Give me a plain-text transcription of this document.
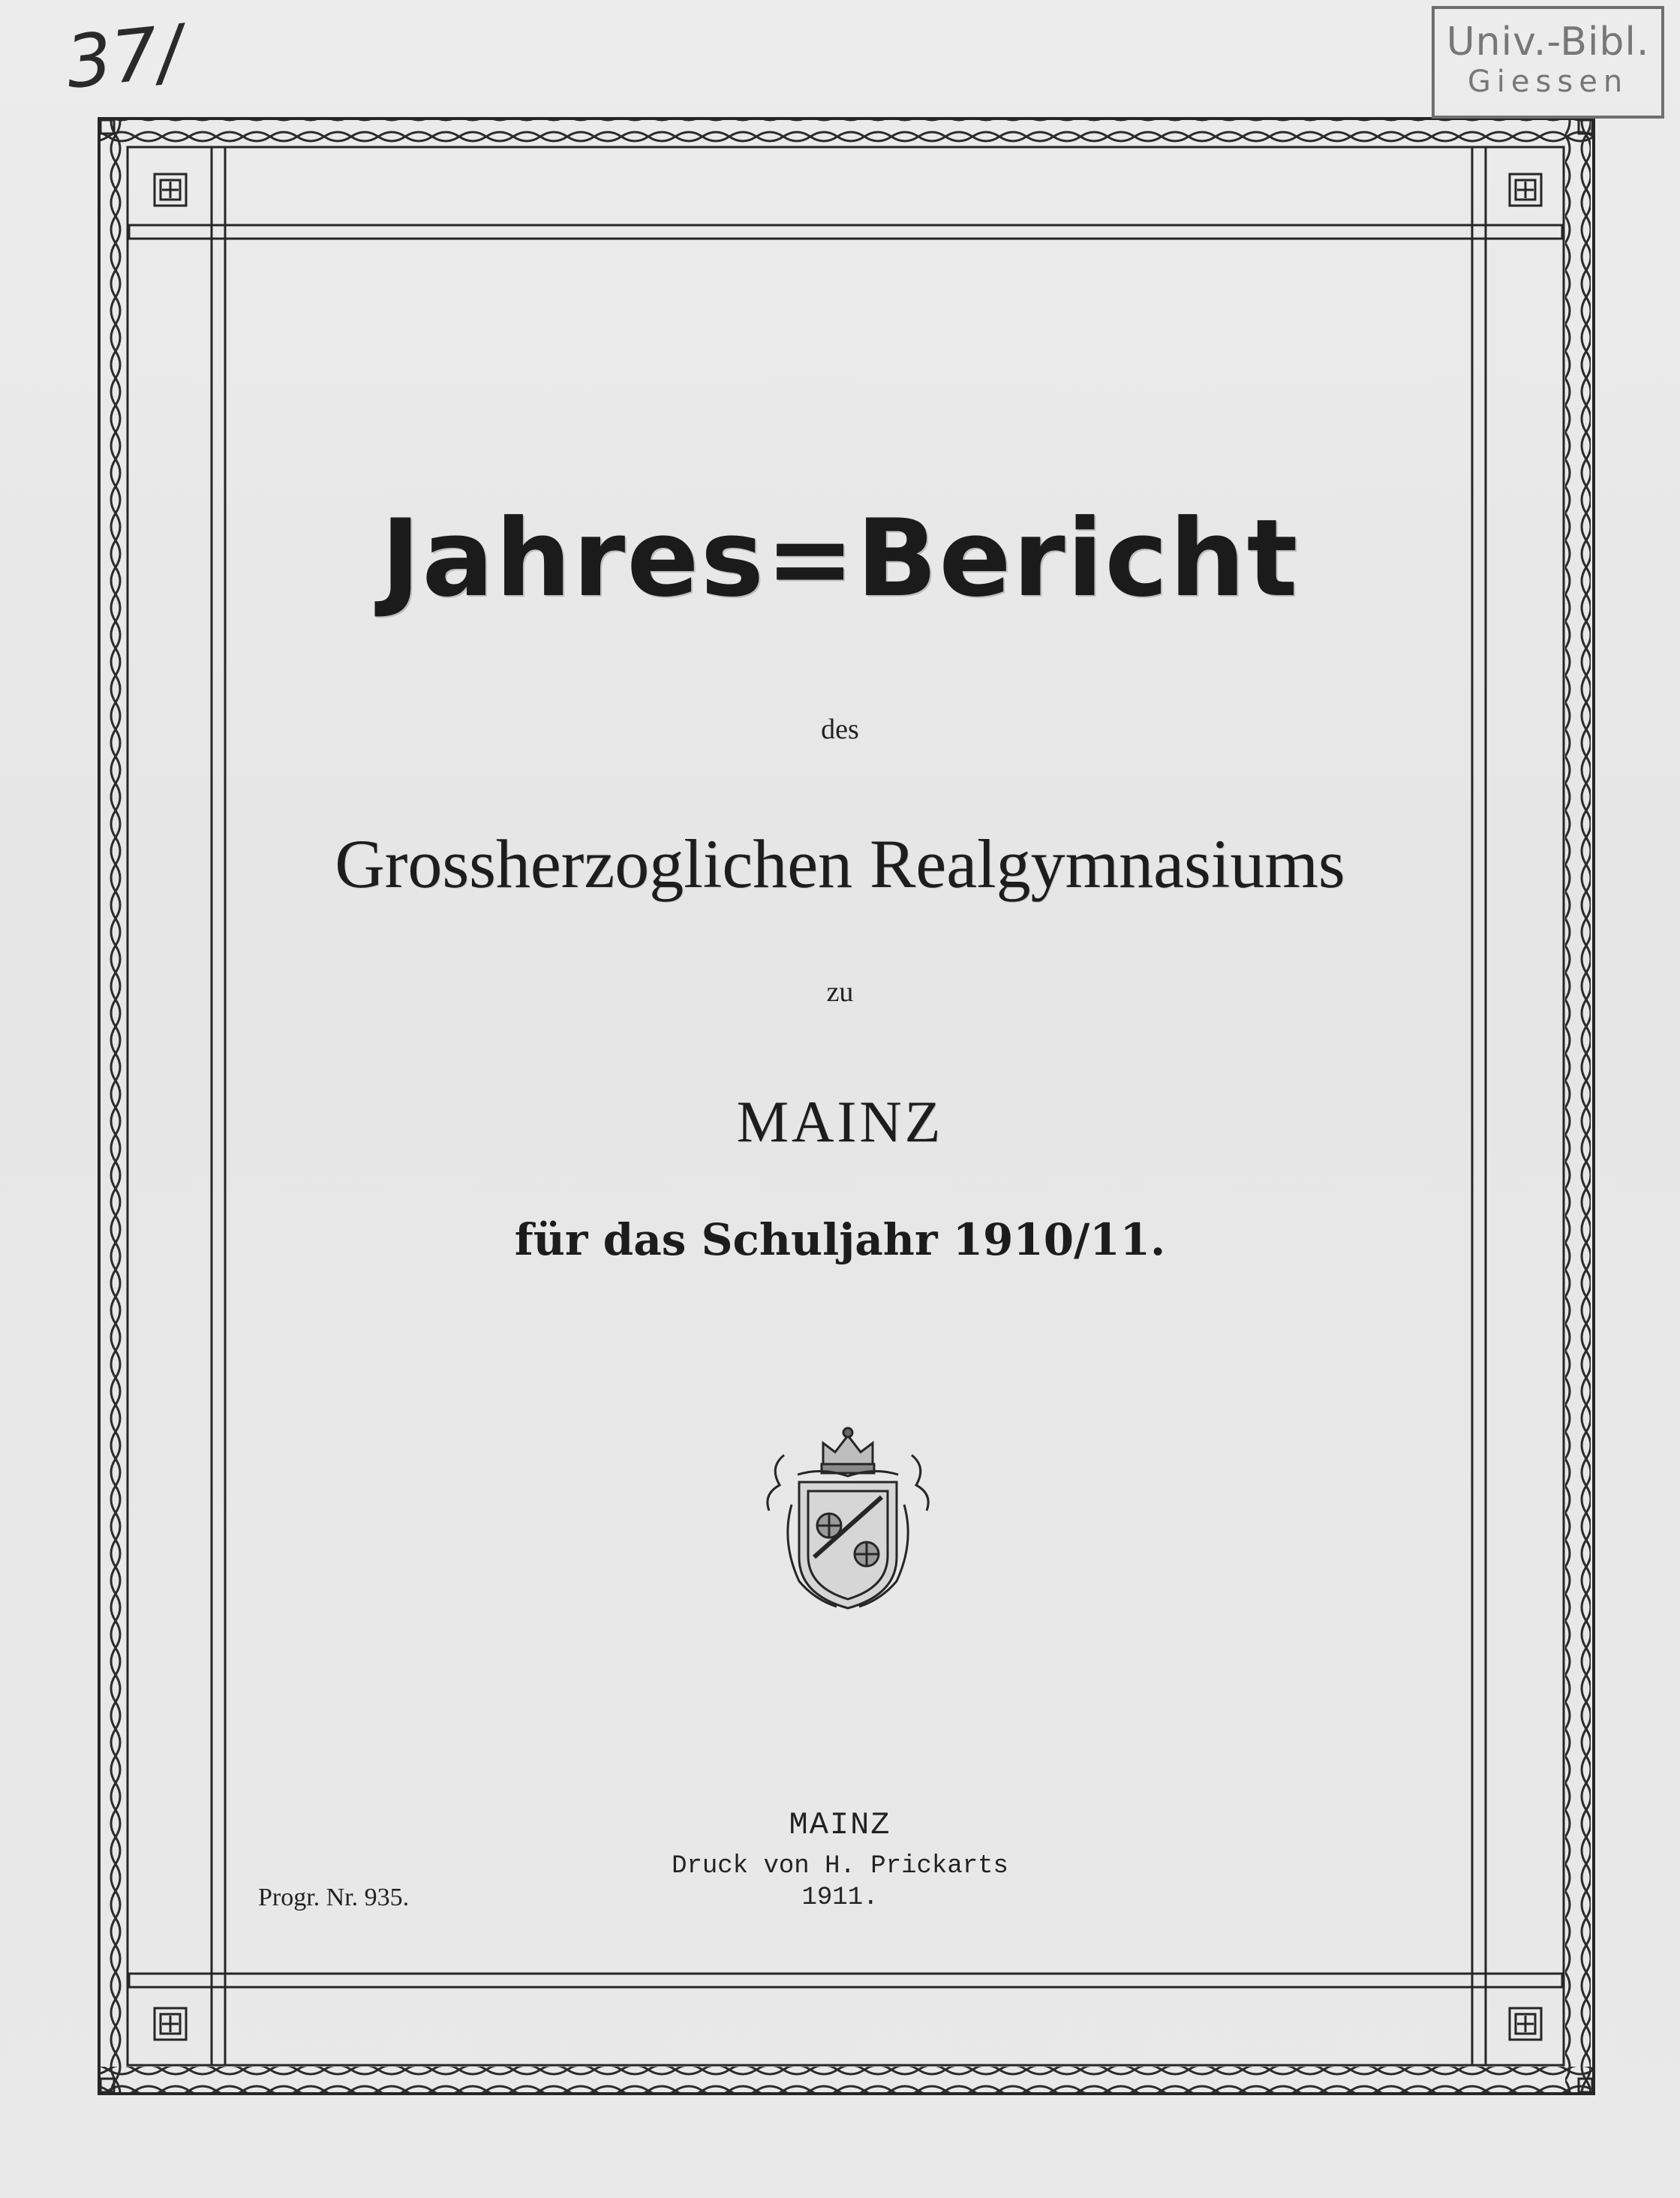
37/	Univ.-Bibl.
Giessen
Jahres=Bericht
des
Grossherzoglichen Realgymnasiums
zu
MAINZ
für das Schuljahr 1910/11.
MAINZ
Druck von H. Prickarts
1911.
Progr. Nr. 935.
